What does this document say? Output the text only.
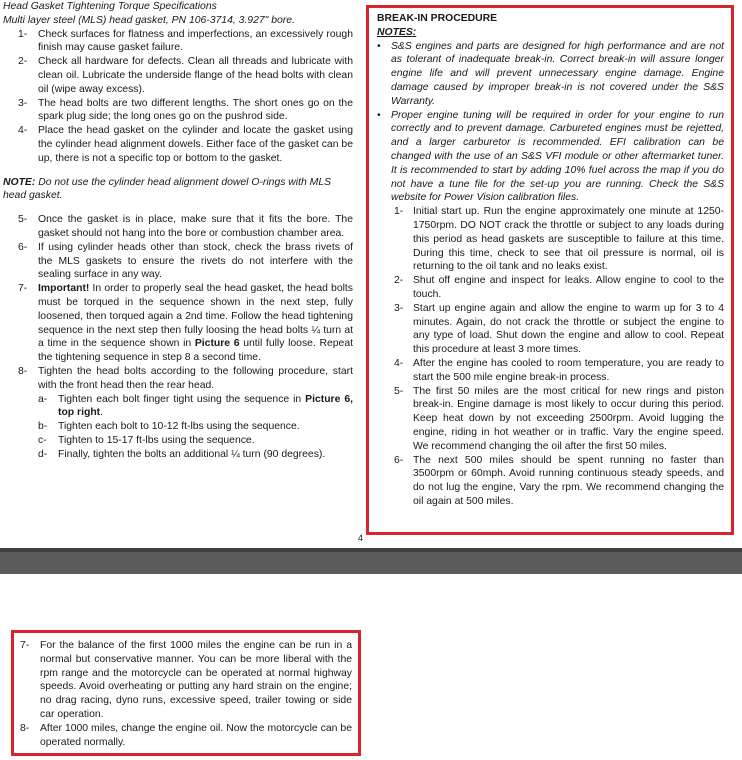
Head Gasket Tightening Torque Specifications

Multi layer steel (MLS) head gasket, PN 106-3714, 3.927" bore.

1- Check surfaces for flatness and imperfections, an excessively rough finish may cause gasket failure.
2- Check all hardware for defects. Clean all threads and lubricate with clean oil. Lubricate the underside flange of the head bolts with clean oil (wipe away excess).
3- The head bolts are two different lengths. The short ones go on the spark plug side; the long ones go on the pushrod side.
4- Place the head gasket on the cylinder and locate the gasket using the cylinder head alignment dowels. Either face of the gasket can be up, there is not a specific top or bottom to the gasket.

NOTE: Do not use the cylinder head alignment dowel O-rings with MLS head gasket.

5- Once the gasket is in place, make sure that it fits the bore. The gasket should not hang into the bore or combustion chamber area.
6- If using cylinder heads other than stock, check the brass rivets of the MLS gaskets to ensure the rivets do not interfere with the sealing surface in any way.
7- Important! In order to properly seal the head gasket, the head bolts must be torqued in the sequence shown in the next step, fully loosened, then torqued again a 2nd time. Follow the head tightening sequence in the next step then fully loosing the head bolts ¼ turn at a time in the sequence shown in Picture 6 until fully loose. Repeat the tightening sequence in step 8 a second time.
8- Tighten the head bolts according to the following procedure, start with the front head then the rear head.
a- Tighten each bolt finger tight using the sequence in Picture 6, top right.
b- Tighten each bolt to 10-12 ft-lbs using the sequence.
c- Tighten to 15-17 ft-lbs using the sequence.
d- Finally, tighten the bolts an additional ¼ turn (90 degrees).

BREAK-IN PROCEDURE

NOTES:

• S&S engines and parts are designed for high performance and are not as tolerant of inadequate break-in. Correct break-in will assure longer engine life and will prevent unnecessary engine damage. Engine damage caused by improper break-in is not covered under the S&S Warranty.
• Proper engine tuning will be required in order for your engine to run correctly and to prevent damage. Carbureted engines must be rejetted, and a larger carburetor is recommended. EFI calibration can be changed with the use of an S&S VFI module or other aftermarket tuner. It is recommended to start by adding 10% fuel across the map if you do not have a tune file for the set-up you are running. Check the S&S website for Power Vision calibration files.
1- Initial start up. Run the engine approximately one minute at 1250-1750rpm. DO NOT crack the throttle or subject to any loads during this period as head gaskets are susceptible to failure at this time. During this time, check to see that oil pressure is normal, oil is returning to the oil tank and no leaks exist.
2- Shut off engine and inspect for leaks. Allow engine to cool to the touch.
3- Start up engine again and allow the engine to warm up for 3 to 4 minutes. Again, do not crack the throttle or subject the engine to any type of load. Shut down the engine and allow to cool. Repeat this procedure at least 3 more times.
4- After the engine has cooled to room temperature, you are ready to start the 500 mile engine break-in process.
5- The first 50 miles are the most critical for new rings and piston break-in. Engine damage is most likely to occur during this period. Keep heat down by not exceeding 2500rpm. Avoid lugging the engine, riding in hot weather or in traffic. Vary the engine speed. We recommend changing the oil after the first 50 miles.
6- The next 500 miles should be spent running no faster than 3500rpm or 60mph. Avoid running continuous steady speeds, and do not lug the engine, Vary the rpm. We recommend changing the oil again at 500 miles.
4
7- For the balance of the first 1000 miles the engine can be run in a normal but conservative manner. You can be more liberal with the rpm range and the motorcycle can be operated at normal highway speeds. Avoid overheating or putting any hard strain on the engine; no drag racing, dyno runs, excessive speed, trailer towing or side car operation.
8- After 1000 miles, change the engine oil. Now the motorcycle can be operated normally.
